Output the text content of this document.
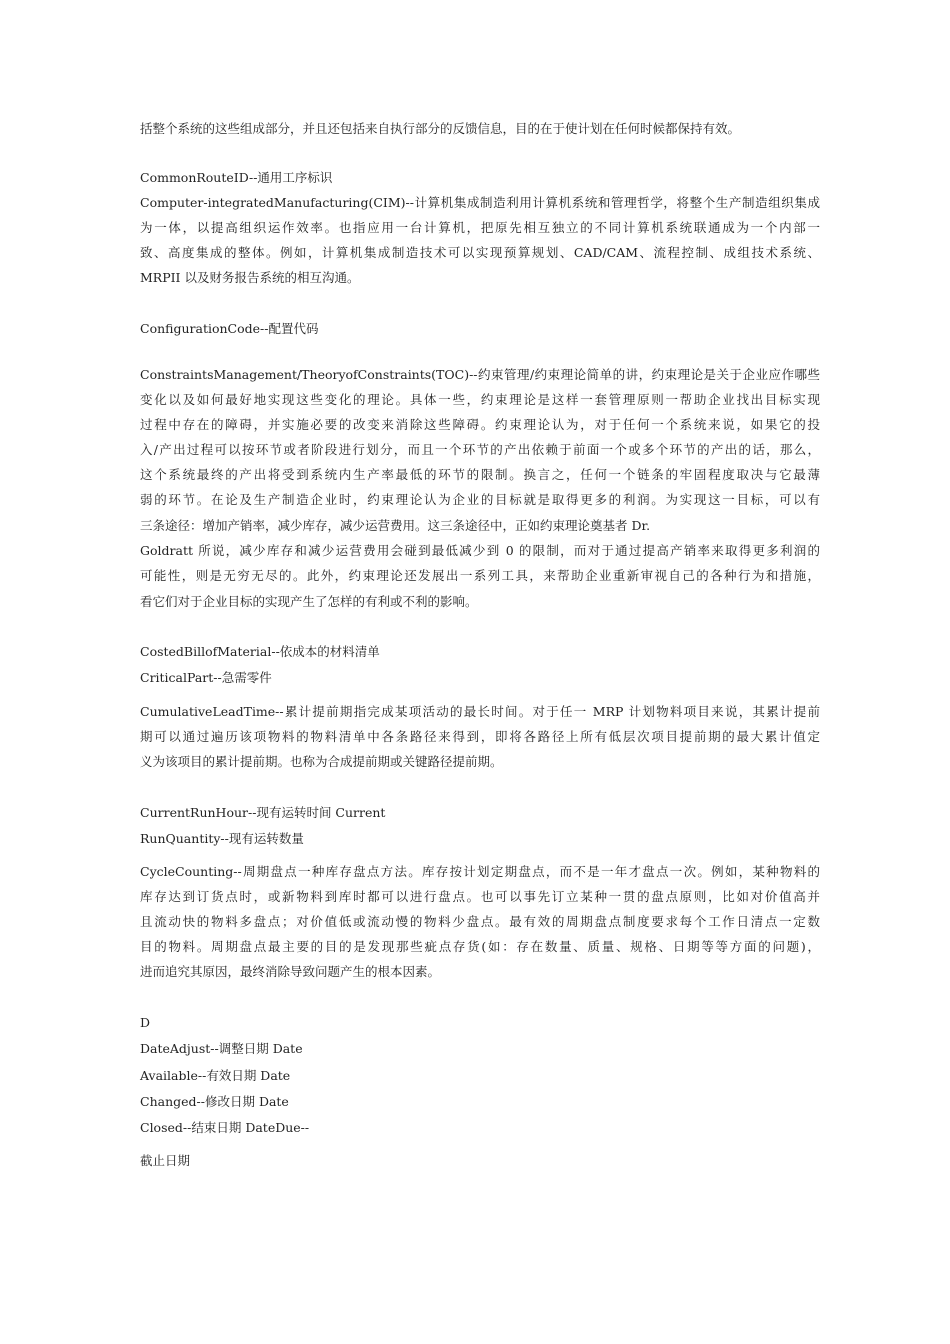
括整个系统的这些组成部分，并且还包括来自执行部分的反馈信息，目的在于使计划在任何时候都保持有效。
CommonRouteID--通用工序标识
Computer-integratedManufacturing(CIM)--计算机集成制造利用计算机系统和管理哲学，将整个生产制造组织集成
为一体，以提高组织运作效率。也指应用一台计算机，把原先相互独立的不同计算机系统联通成为一个内部一
致、高度集成的整体。例如，计算机集成制造技术可以实现预算规划、CAD/CAM、流程控制、成组技术系统、
MRPII 以及财务报告系统的相互沟通。
ConfigurationCode--配置代码
ConstraintsManagement/TheoryofConstraints(TOC)--约束管理/约束理论简单的讲，约束理论是关于企业应作哪些
变化以及如何最好地实现这些变化的理论。具体一些，约束理论是这样一套管理原则一帮助企业找出目标实现
过程中存在的障碍，并实施必要的改变来消除这些障碍。约束理论认为，对于任何一个系统来说，如果它的投
入/产出过程可以按环节或者阶段进行划分，而且一个环节的产出依赖于前面一个或多个环节的产出的话，那么，
这个系统最终的产出将受到系统内生产率最低的环节的限制。换言之，任何一个链条的牢固程度取决与它最薄
弱的环节。在论及生产制造企业时，约束理论认为企业的目标就是取得更多的利润。为实现这一目标，可以有
三条途径：增加产销率，减少库存，减少运营费用。这三条途径中，正如约束理论奠基者 Dr.
Goldratt 所说，减少库存和减少运营费用会碰到最低减少到 0 的限制，而对于通过提高产销率来取得更多利润的
可能性，则是无穷无尽的。此外，约束理论还发展出一系列工具，来帮助企业重新审视自己的各种行为和措施，
看它们对于企业目标的实现产生了怎样的有利或不利的影响。
CostedBillofMaterial--依成本的材料清单
CriticalPart--急需零件
CumulativeLeadTime--累计提前期指完成某项活动的最长时间。对于任一 MRP 计划物料项目来说，其累计提前
期可以通过遍历该项物料的物料清单中各条路径来得到，即将各路径上所有低层次项目提前期的最大累计值定
义为该项目的累计提前期。也称为合成提前期或关键路径提前期。
CurrentRunHour--现有运转时间 Current
RunQuantity--现有运转数量
CycleCounting--周期盘点一种库存盘点方法。库存按计划定期盘点，而不是一年才盘点一次。例如，某种物料的
库存达到订货点时，或新物料到库时都可以进行盘点。也可以事先订立某种一贯的盘点原则，比如对价值高并
且流动快的物料多盘点；对价值低或流动慢的物料少盘点。最有效的周期盘点制度要求每个工作日清点一定数
目的物料。周期盘点最主要的目的是发现那些疵点存货(如：存在数量、质量、规格、日期等等方面的问题)，
进而追究其原因，最终消除导致问题产生的根本因素。
D
DateAdjust--调整日期 Date
Available--有效日期 Date
Changed--修改日期 Date
Closed--结束日期 DateDue--
截止日期
